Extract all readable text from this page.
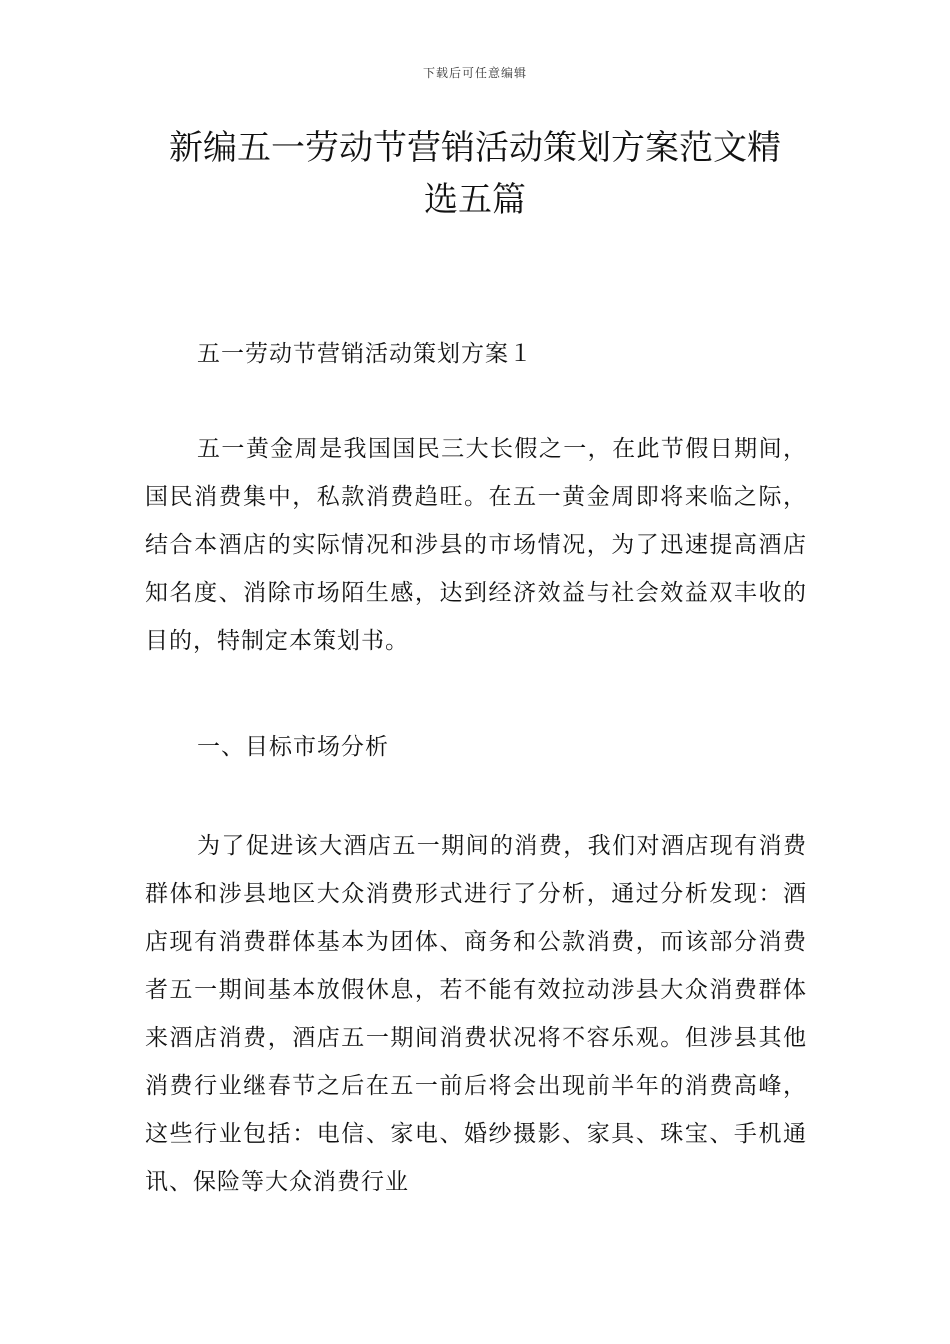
下载后可任意编辑
新编五一劳动节营销活动策划方案范文精
选五篇

五一劳动节营销活动策划方案１

五一黄金周是我国国民三大长假之一，在此节假日期间，国民消费集中，私款消费趋旺。在五一黄金周即将来临之际，结合本酒店的实际情况和涉县的市场情况，为了迅速提高酒店知名度、消除市场陌生感，达到经济效益与社会效益双丰收的目的，特制定本策划书。

一、目标市场分析

为了促进该大酒店五一期间的消费，我们对酒店现有消费群体和涉县地区大众消费形式进行了分析，通过分析发现：酒店现有消费群体基本为团体、商务和公款消费，而该部分消费者五一期间基本放假休息，若不能有效拉动涉县大众消费群体来酒店消费，酒店五一期间消费状况将不容乐观。但涉县其他消费行业继春节之后在五一前后将会出现前半年的消费高峰，这些行业包括：电信、家电、婚纱摄影、家具、珠宝、手机通讯、保险等大众消费行业
